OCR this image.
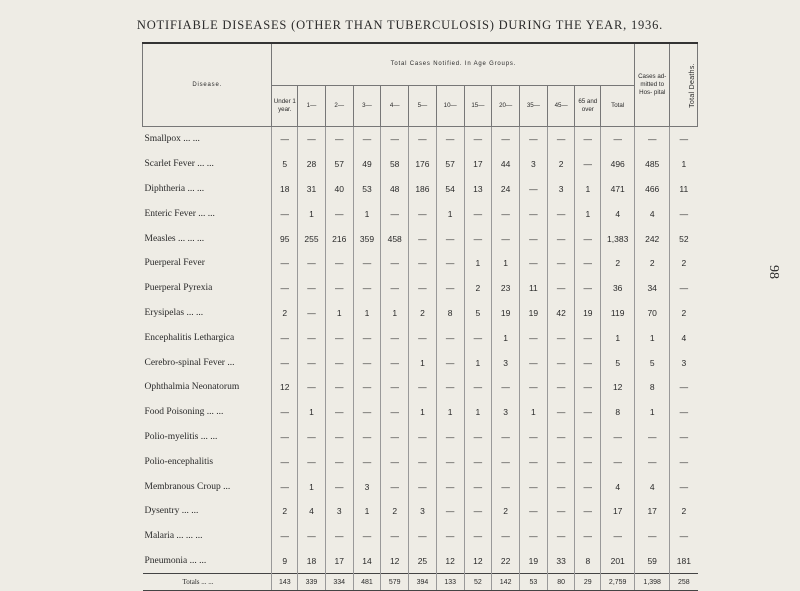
NOTIFIABLE DISEASES (OTHER THAN TUBERCULOSIS) DURING THE YEAR, 1936.
98
Disease.	Total Cases Notified. In Age Groups.													Cases ad- mitted to Hos- pital	Total Deaths.
	Under 1 year.	1—	2—	3—	4—	5—	10—	15—	20—	35—	45—	65 and over	Total		
Smallpox ... ...	—	—	—	—	—	—	—	—	—	—	—	—	—	—	—
Scarlet Fever ... ...	5	28	57	49	58	176	57	17	44	3	2	—	496	485	1
Diphtheria ... ...	18	31	40	53	48	186	54	13	24	—	3	1	471	466	11
Enteric Fever ... ...	—	1	—	1	—	—	1	—	—	—	—	1	4	4	—
Measles ... ... ...	95	255	216	359	458	—	—	—	—	—	—	—	1,383	242	52
Puerperal Fever	—	—	—	—	—	—	—	1	1	—	—	—	2	2	2
Puerperal Pyrexia	—	—	—	—	—	—	—	2	23	11	—	—	36	34	—
Erysipelas ... ...	2	—	1	1	1	2	8	5	19	19	42	19	119	70	2
Encephalitis Lethargica	—	—	—	—	—	—	—	—	1	—	—	—	1	1	4
Cerebro-spinal Fever ...	—	—	—	—	—	1	—	1	3	—	—	—	5	5	3
Ophthalmia Neonatorum	12	—	—	—	—	—	—	—	—	—	—	—	12	8	—
Food Poisoning ... ...	—	1	—	—	—	1	1	1	3	1	—	—	8	1	—
Polio-myelitis ... ...	—	—	—	—	—	—	—	—	—	—	—	—	—	—	—
Polio-encephalitis	—	—	—	—	—	—	—	—	—	—	—	—	—	—	—
Membranous Croup ...	—	1	—	3	—	—	—	—	—	—	—	—	4	4	—
Dysentry ... ...	2	4	3	1	2	3	—	—	2	—	—	—	17	17	2
Malaria ... ... ...	—	—	—	—	—	—	—	—	—	—	—	—	—	—	—
Pneumonia ... ...	9	18	17	14	12	25	12	12	22	19	33	8	201	59	181
Totals ... ...	143	339	334	481	579	394	133	52	142	53	80	29	2,759	1,398	258
